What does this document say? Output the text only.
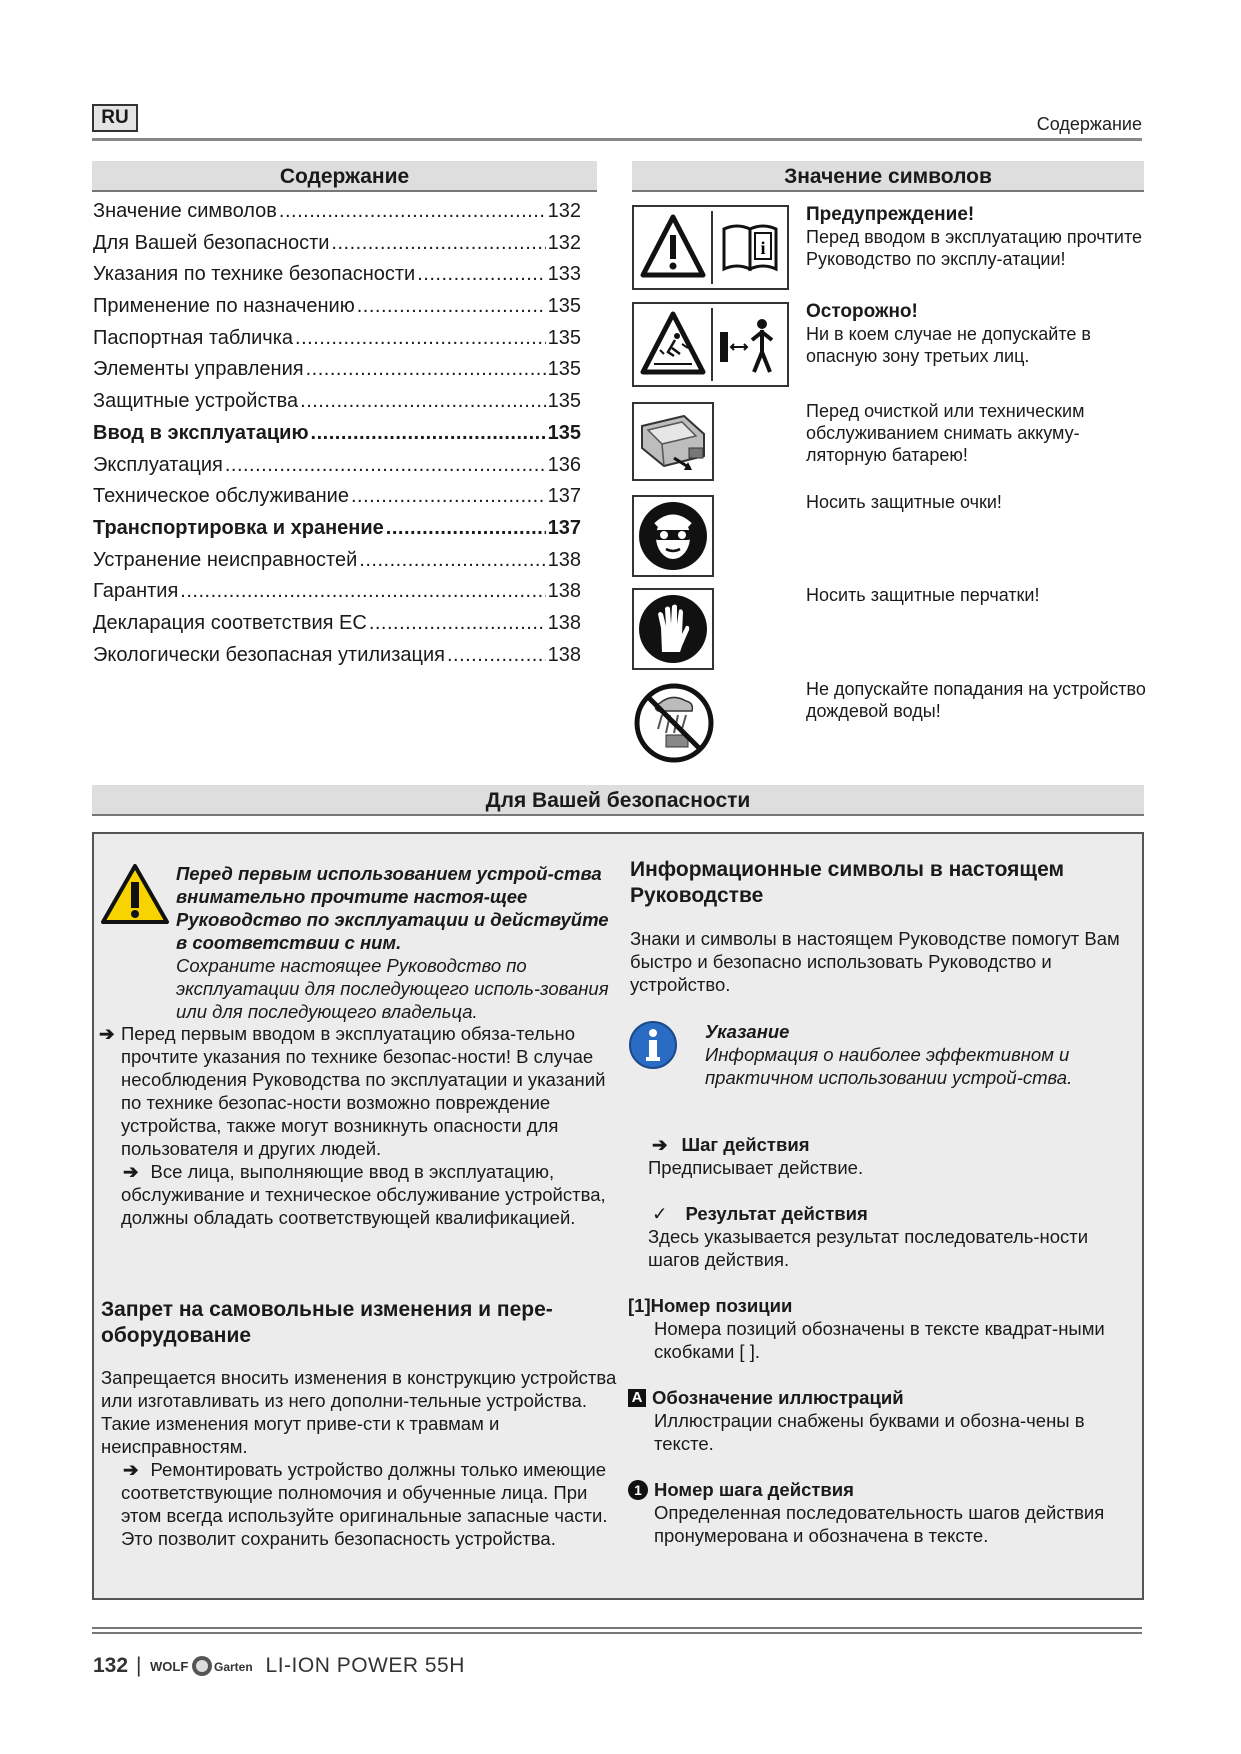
RU	Содержание
Содержание
Значение символов .....	132
Для Вашей безопасности .....	132
Указания по технике безопасности .....	133
Применение по назначению .....	135
Паспортная табличка .....	135
Элементы управления .....	135
Защитные устройства .....	135
Ввод в эксплуатацию .....	135
Эксплуатация .....	136
Техническое обслуживание .....	137
Транспортировка и хранение .....	137
Устранение неисправностей .....	138
Гарантия .....	138
Декларация соответствия ЕС .....	138
Экологически безопасная утилизация .....	138
Значение символов
i
Предупреждение!
Перед вводом в эксплуатацию прочтите Руководство по эксплу-атации!
Осторожно!
Ни в коем случае не допускайте в опасную зону третьих лиц.
Перед очисткой или техническим обслуживанием снимать аккуму-ляторную батарею!
Носить защитные очки!
Носить защитные перчатки!
Не допускайте попадания на устройство дождевой воды!
Для Вашей безопасности
Перед первым использованием устрой-ства внимательно прочтите настоя-щее Руководство по эксплуатации и действуйте в соответствии с ним.
Сохраните настоящее Руководство по эксплуатации для последующего исполь-зования или для последующего владельца.
➔ Перед первым вводом в эксплуатацию обяза-тельно прочтите указания по технике безопас-ности! В случае несоблюдения Руководства по эксплуатации и указаний по технике безопас-ности возможно повреждение устройства, также могут возникнуть опасности для пользователя и других людей.
➔ Все лица, выполняющие ввод в эксплуатацию, обслуживание и техническое обслуживание устройства, должны обладать соответствующей квалификацией.
Запрет на самовольные изменения и пере-оборудование
Запрещается вносить изменения в конструкцию устройства или изготавливать из него дополни-тельные устройства. Такие изменения могут приве-сти к травмам и неисправностям.
➔ Ремонтировать устройство должны только имеющие соответствующие полномочия и обученные лица. При этом всегда используйте оригинальные запасные части. Это позволит сохранить безопасность устройства.
Информационные символы в настоящем Руководстве
Знаки и символы в настоящем Руководстве помогут Вам быстро и безопасно использовать Руководство и устройство.
Указание
Информация о наиболее эффективном и практичном использовании устрой-ства.
➔ Шаг действия
Предписывает действие.
✓ Результат действия
Здесь указывается результат последователь-ности шагов действия.
[1]Номер позиции
Номера позиций обозначены в тексте квадрат-ными скобками [ ].
A Обозначение иллюстраций
Иллюстрации снабжены буквами и обозна-чены в тексте.
1 Номер шага действия
Определенная последовательность шагов действия пронумерована и обозначена в тексте.
132 | WOLF Garten LI-ION POWER 55H
